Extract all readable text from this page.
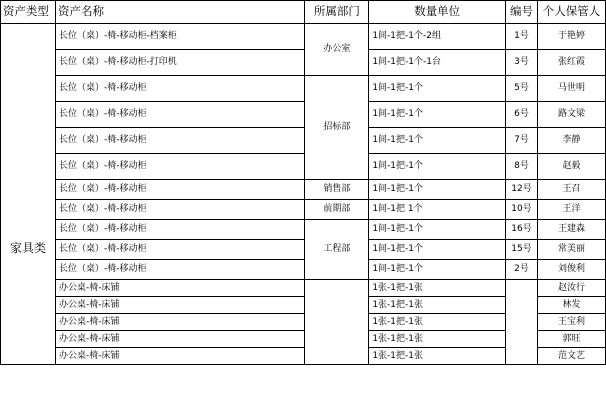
资产类型	资产名称	所属部门	数量单位	编号	个人保管人
家具类	长位（桌）-椅-移动柜-档案柜	办公室	1间-1把-1个-2组	1号	于艳婷
	长位（桌）-椅-移动柜-打印机		1间-1把-1个-1台	3号	张红霞
	长位（桌）-椅-移动柜	招标部	1间-1把-1个	5号	马世明
	长位（桌）-椅-移动柜		1间-1把-1个	6号	路文梁
	长位（桌）-椅-移动柜		1间-1把-1个	7号	李静
	长位（桌）-椅-移动柜		1间-1把-1个	8号	赵毅
	长位（桌）-椅-移动柜	销售部	1间-1把-1个	12号	王召
	长位（桌）-椅-移动柜	前期部	1间-1把 1个	10号	王洋
	长位（桌）-椅-移动柜	工程部	1间-1把-1个	16号	王建森
	长位（桌）-椅-移动柜		1间-1把-1个	15号	常美丽
	长位（桌）-椅-移动柜		1间-1把-1个	2号	刘俊利
	办公桌-椅-床铺		1张-1把-1张		赵汝行
	办公桌-椅-床铺		1张-1把-1张		林发
	办公桌-椅-床铺		1张-1把-1张		王宝利
	办公桌-椅-床铺		1张-1把-1张		郭旺
	办公桌-椅-床铺		1张-1把-1张		范文艺
